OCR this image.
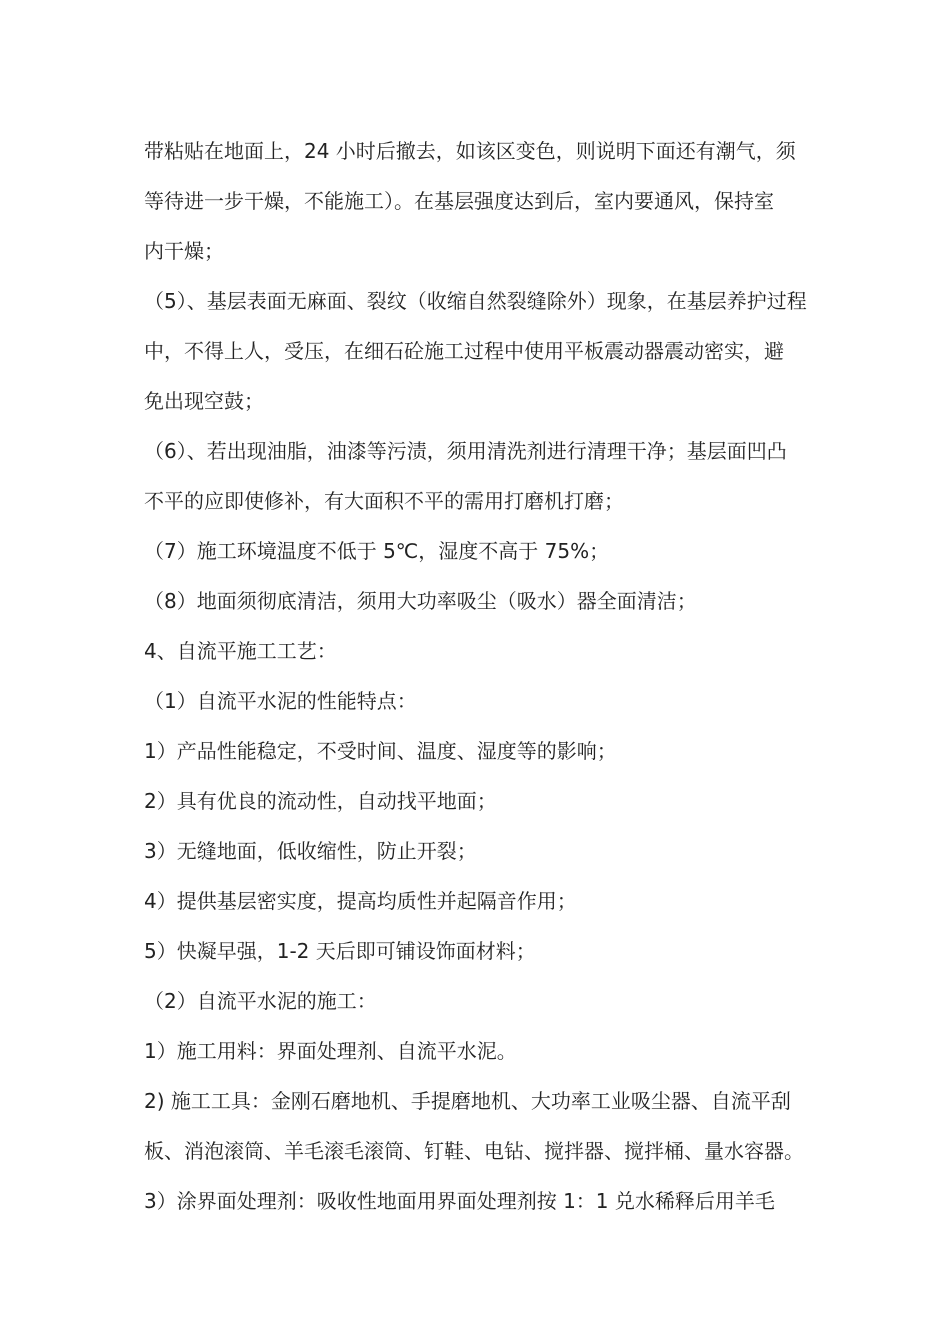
带粘贴在地面上，24 小时后撤去，如该区变色，则说明下面还有潮气，须
等待进一步干燥，不能施工）。在基层强度达到后，室内要通风，保持室
内干燥；
（5）、基层表面无麻面、裂纹（收缩自然裂缝除外）现象，在基层养护过程
中，不得上人，受压，在细石砼施工过程中使用平板震动器震动密实，避
免出现空鼓；
（6）、若出现油脂，油漆等污渍，须用清洗剂进行清理干净；基层面凹凸
不平的应即使修补，有大面积不平的需用打磨机打磨；
（7）施工环境温度不低于 5℃，湿度不高于 75%；
（8）地面须彻底清洁，须用大功率吸尘（吸水）器全面清洁；
4、自流平施工工艺：
（1）自流平水泥的性能特点：
1）产品性能稳定，不受时间、温度、湿度等的影响；
2）具有优良的流动性，自动找平地面；
3）无缝地面，低收缩性，防止开裂；
4）提供基层密实度，提高均质性并起隔音作用；
5）快凝早强，1-2 天后即可铺设饰面材料；
（2）自流平水泥的施工：
1）施工用料：界面处理剂、自流平水泥。
2) 施工工具：金刚石磨地机、手提磨地机、大功率工业吸尘器、自流平刮
板、消泡滚筒、羊毛滚毛滚筒、钉鞋、电钻、搅拌器、搅拌桶、量水容器。
3）涂界面处理剂：吸收性地面用界面处理剂按 1：1 兑水稀释后用羊毛
